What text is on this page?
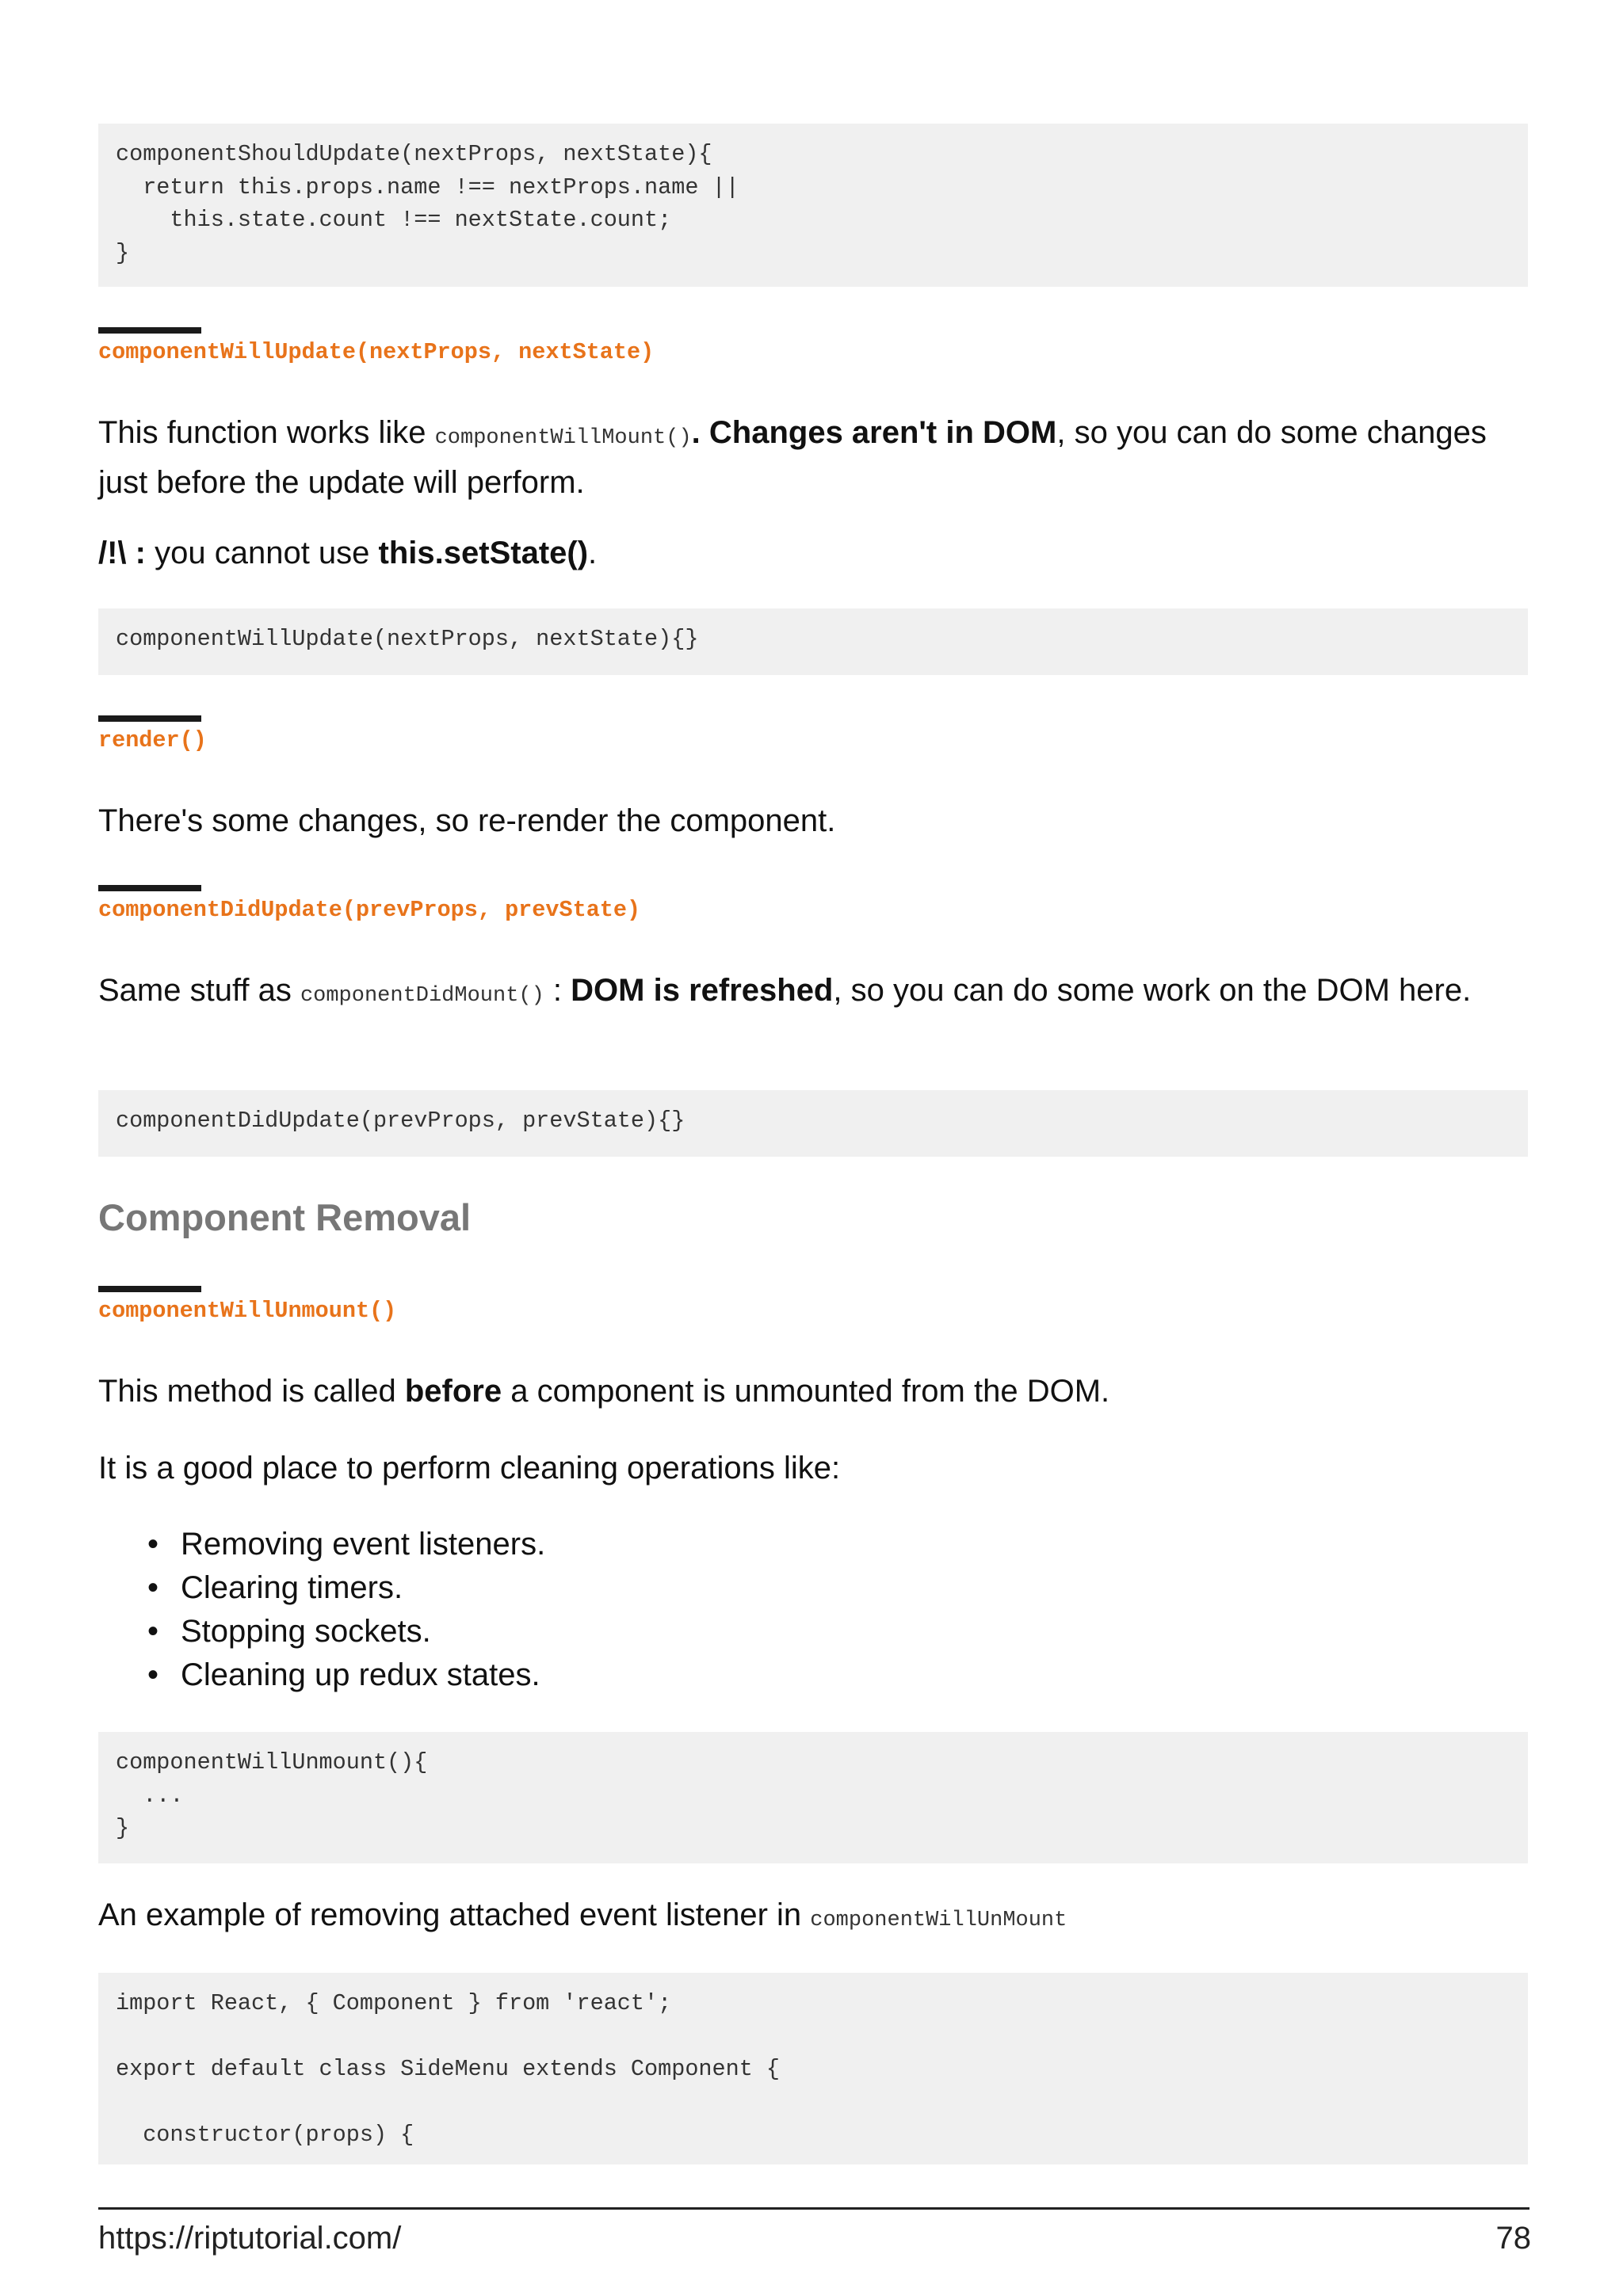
componentShouldUpdate(nextProps, nextState){
return this.props.name !== nextProps.name ||
this.state.count !== nextState.count;
}
componentWillUpdate(nextProps, nextState)

This function works like componentWillMount(). Changes aren't in DOM, so you can do some changes just before the update will perform.

/!\ : you cannot use this.setState().

componentWillUpdate(nextProps, nextState){}
render()

There's some changes, so re-render the component.

componentDidUpdate(prevProps, prevState)

Same stuff as componentDidMount() : DOM is refreshed, so you can do some work on the DOM here.

componentDidUpdate(prevProps, prevState){}
Component Removal
componentWillUnmount()

This method is called before a component is unmounted from the DOM.

It is a good place to perform cleaning operations like:

• Removing event listeners.
• Clearing timers.
• Stopping sockets.
• Cleaning up redux states.
componentWillUnmount(){
...
}

An example of removing attached event listener in componentWillUnMount

import React, { Component } from 'react';

export default class SideMenu extends Component {

constructor(props) {
https://riptutorial.com/	78
